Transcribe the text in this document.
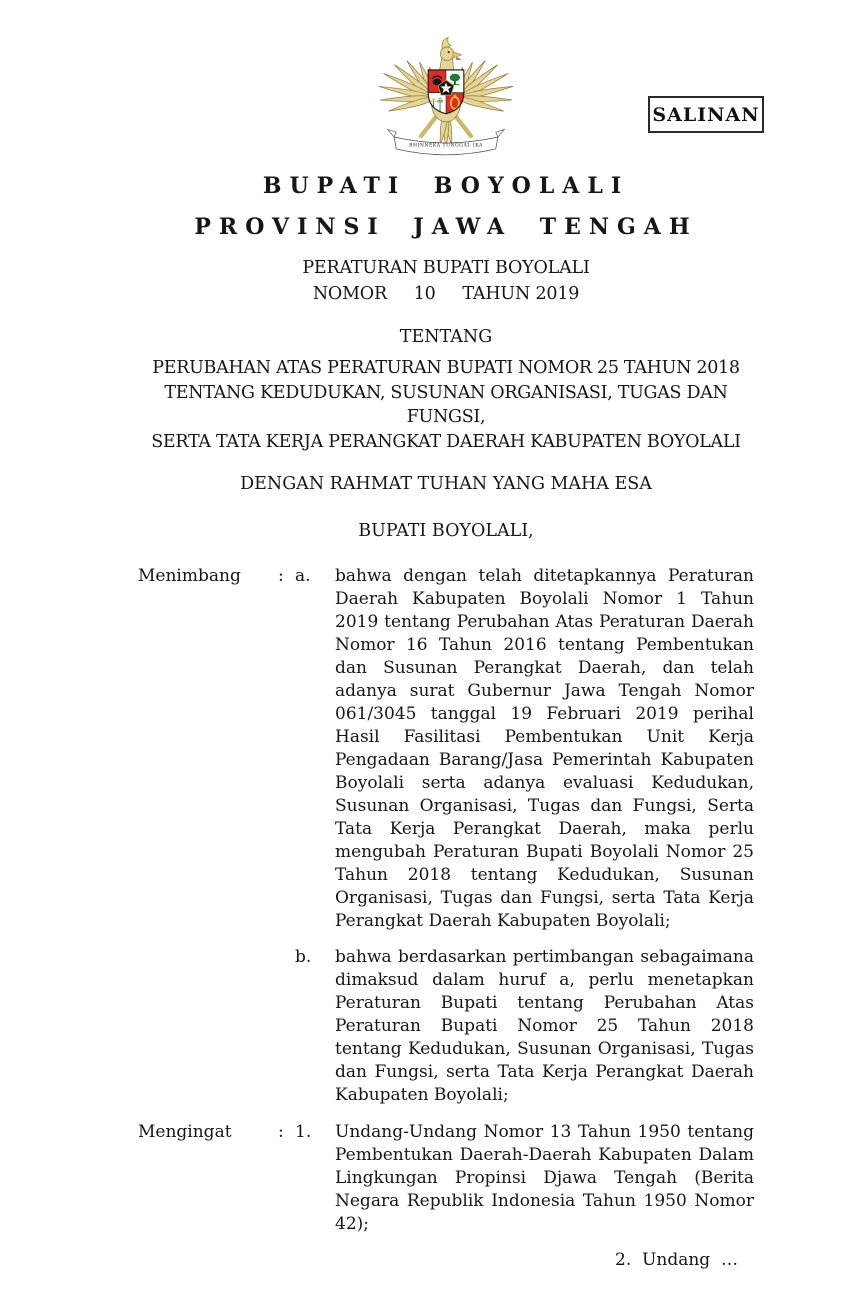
BHINNEKA TUNGGAL IKA
SALINAN
BUPATI BOYOLALI
PROVINSI JAWA TENGAH
PERATURAN BUPATI BOYOLALI
NOMOR     10     TAHUN 2019
TENTANG
PERUBAHAN ATAS PERATURAN BUPATI NOMOR 25 TAHUN 2018
TENTANG KEDUDUKAN, SUSUNAN ORGANISASI, TUGAS DAN FUNGSI,
SERTA TATA KERJA PERANGKAT DAERAH KABUPATEN BOYOLALI
DENGAN RAHMAT TUHAN YANG MAHA ESA
BUPATI BOYOLALI,
Menimbang	: a.	bahwa dengan telah ditetapkannya Peraturan Daerah Kabupaten Boyolali Nomor 1 Tahun 2019 tentang Perubahan Atas Peraturan Daerah Nomor 16 Tahun 2016 tentang Pembentukan dan Susunan Perangkat Daerah, dan telah adanya surat Gubernur Jawa Tengah Nomor 061/3045 tanggal 19 Februari 2019 perihal Hasil Fasilitasi Pembentukan Unit Kerja Pengadaan Barang/Jasa Pemerintah Kabupaten Boyolali serta adanya evaluasi Kedudukan, Susunan Organisasi, Tugas dan Fungsi, Serta Tata Kerja Perangkat Daerah, maka perlu mengubah Peraturan Bupati Boyolali Nomor 25 Tahun 2018 tentang Kedudukan, Susunan Organisasi, Tugas dan Fungsi, serta Tata Kerja Perangkat Daerah Kabupaten Boyolali;
b.	bahwa berdasarkan pertimbangan sebagaimana dimaksud dalam huruf a, perlu menetapkan Peraturan Bupati tentang Perubahan Atas Peraturan Bupati Nomor 25 Tahun 2018 tentang Kedudukan, Susunan Organisasi, Tugas dan Fungsi, serta Tata Kerja Perangkat Daerah Kabupaten Boyolali;
Mengingat	: 1.	Undang-Undang Nomor 13 Tahun 1950 tentang Pembentukan Daerah-Daerah Kabupaten Dalam Lingkungan Propinsi Djawa Tengah (Berita Negara Republik Indonesia Tahun 1950 Nomor 42);
2.  Undang  …
